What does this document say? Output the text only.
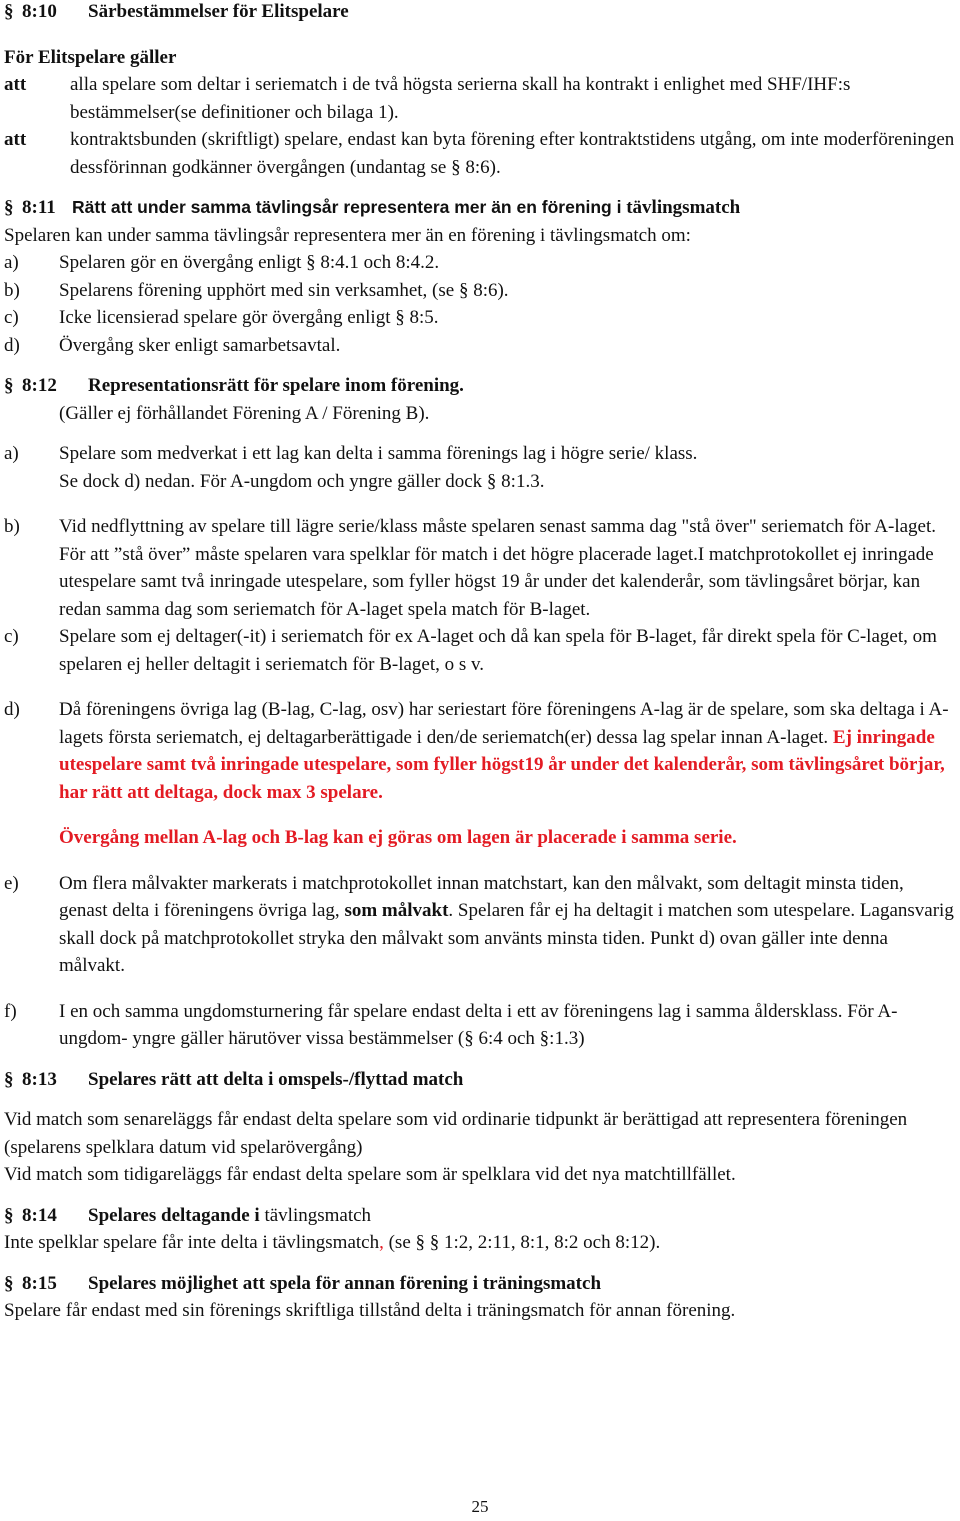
§ 8:10 Särbestämmelser för Elitspelare
För Elitspelare gäller
att	alla spelare som deltar i seriematch i de två högsta serierna skall ha kontrakt i enlighet med SHF/IHF:s bestämmelser(se definitioner och bilaga 1).
att	kontraktsbunden (skriftligt) spelare, endast kan byta förening efter kontraktstidens utgång, om inte moderföreningen dessförinnan godkänner övergången (undantag se § 8:6).
§ 8:11 Rätt att under samma tävlingsår representera mer än en förening i tävlingsmatch
Spelaren kan under samma tävlingsår representera mer än en förening i tävlingsmatch om:
a)	Spelaren gör en övergång enligt § 8:4.1 och 8:4.2.
b)	Spelarens förening upphört med sin verksamhet, (se § 8:6).
c)	Icke licensierad spelare gör övergång enligt § 8:5.
d)	Övergång sker enligt samarbetsavtal.
§ 8:12 Representationsrätt för spelare inom förening.
(Gäller ej förhållandet Förening A / Förening B).
a)	Spelare som medverkat i ett lag kan delta i samma förenings lag i högre serie/ klass.
Se dock d) nedan. För A-ungdom och yngre gäller dock § 8:1.3.
b)	Vid nedflyttning av spelare till lägre serie/klass måste spelaren senast samma dag "stå över" seriematch för A-laget.
För att ”stå över” måste spelaren vara spelklar för match i det högre placerade laget.I matchprotokollet ej inringade utespelare samt två inringade utespelare, som fyller högst 19 år under det kalenderår, som tävlingsåret börjar, kan redan samma dag som seriematch för A-laget spela match för B-laget.
c)	Spelare som ej deltager(-it) i seriematch för ex A-laget och då kan spela för B-laget, får direkt spela för C-laget, om spelaren ej heller deltagit i seriematch för B-laget, o s v.
d)	Då föreningens övriga lag (B-lag, C-lag, osv) har seriestart före föreningens A-lag är de spelare, som ska deltaga i A-lagets första seriematch, ej deltagarberättigade i den/de seriematch(er) dessa lag spelar innan A-laget. Ej inringade utespelare samt två inringade utespelare, som fyller högst19 år under det kalenderår, som tävlingsåret börjar, har rätt att deltaga, dock max 3 spelare.
Övergång mellan A-lag och B-lag kan ej göras om lagen är placerade i samma serie.
e)	Om flera målvakter markerats i matchprotokollet innan matchstart, kan den målvakt, som deltagit minsta tiden, genast delta i föreningens övriga lag, som målvakt. Spelaren får ej ha deltagit i matchen som utespelare. Lagansvarig skall dock på matchprotokollet stryka den målvakt som använts minsta tiden. Punkt d) ovan gäller inte denna målvakt.
f)	I en och samma ungdomsturnering får spelare endast delta i ett av föreningens lag i samma åldersklass. För A-ungdom- yngre gäller härutöver vissa bestämmelser (§ 6:4 och §:1.3)
§ 8:13 Spelares rätt att delta i omspels-/flyttad match
Vid match som senareläggs får endast delta spelare som vid ordinarie tidpunkt är berättigad att representera föreningen (spelarens spelklara datum vid spelarövergång)
Vid match som tidigareläggs får endast delta spelare som är spelklara vid det nya matchtillfället.
§ 8:14 Spelares deltagande i tävlingsmatch
Inte spelklar spelare får inte delta i tävlingsmatch, (se § § 1:2, 2:11, 8:1, 8:2 och 8:12).
§ 8:15 Spelares möjlighet att spela för annan förening i träningsmatch
Spelare får endast med sin förenings skriftliga tillstånd delta i träningsmatch för annan förening.
25
